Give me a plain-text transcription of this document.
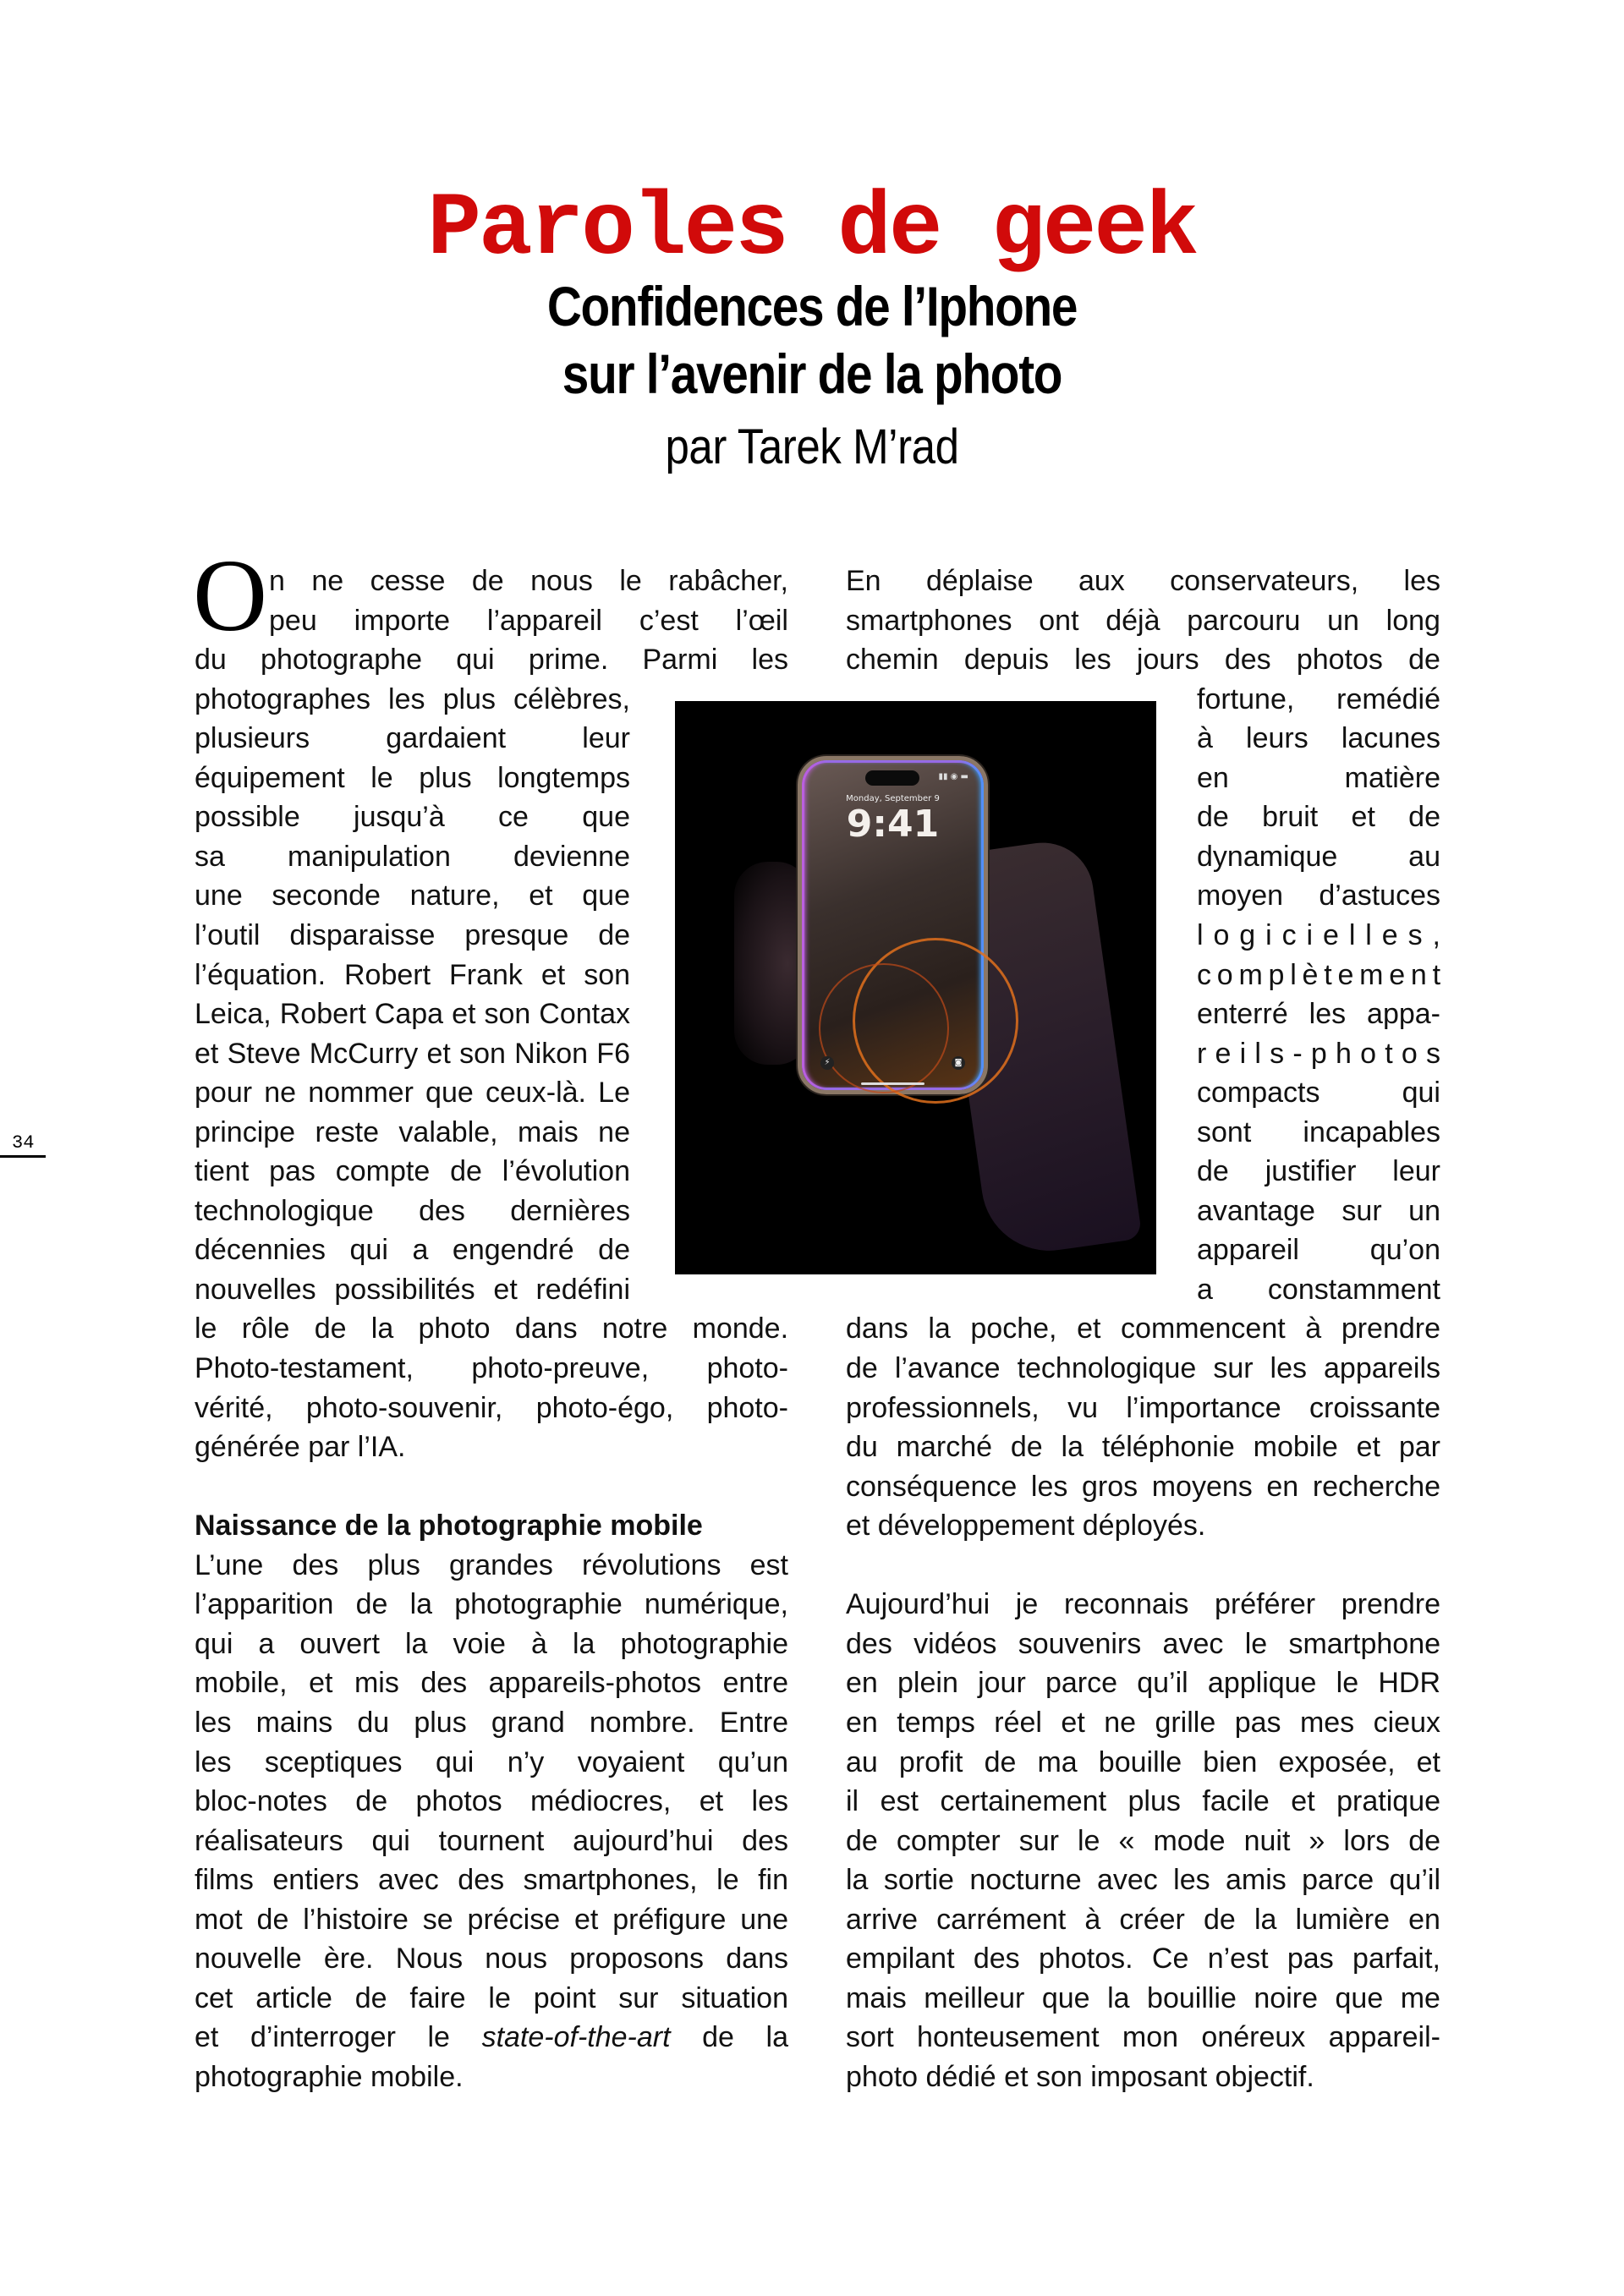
Paroles de geek
Confidences de l’Iphone
sur l’avenir de la photo
par Tarek M’rad
34
O
▮▮ ◉ ▬
Monday, September 9
9:41
⚡	◙
n ne cesse de nous le rabâcher,
peu importe l’appareil c’est l’œil
du photographe qui prime. Parmi les
photographes les plus célèbres,
plusieurs gardaient leur
équipement le plus longtemps
possible jusqu’à ce que
sa manipulation devienne
une seconde nature, et que
l’outil disparaisse presque de
l’équation. Robert Frank et son
Leica, Robert Capa et son Contax
et Steve McCurry et son Nikon F6
pour ne nommer que ceux-là. Le
principe reste valable, mais ne
tient pas compte de l’évolution
technologique des dernières
décennies qui a engendré de
nouvelles possibilités et redéfini
le rôle de la photo dans notre monde.
Photo-testament, photo-preuve, photo-
vérité, photo-souvenir, photo-égo, photo-
générée par l’IA.
Naissance de la photographie mobile
L’une des plus grandes révolutions est
l’apparition de la photographie numérique,
qui a ouvert la voie à la photographie
mobile, et mis des appareils-photos entre
les mains du plus grand nombre. Entre
les sceptiques qui n’y voyaient qu’un
bloc-notes de photos médiocres, et les
réalisateurs qui tournent aujourd’hui des
films entiers avec des smartphones, le fin
mot de l’histoire se précise et préfigure une
nouvelle ère. Nous nous proposons dans
cet article de faire le point sur situation
et d’interroger le state-of-the-art de la
photographie mobile.
En déplaise aux conservateurs, les
smartphones ont déjà parcouru un long
chemin depuis les jours des photos de
fortune, remédié
à leurs lacunes
en matière
de bruit et de
dynamique au
moyen d’astuces
logicielles,
complètement
enterré les appa-
reils-photos
compacts qui
sont incapables
de justifier leur
avantage sur un
appareil qu’on
a constamment
dans la poche, et commencent à prendre
de l’avance technologique sur les appareils
professionnels, vu l’importance croissante
du marché de la téléphonie mobile et par
conséquence les gros moyens en recherche
et développement déployés.
Aujourd’hui je reconnais préférer prendre
des vidéos souvenirs avec le smartphone
en plein jour parce qu’il applique le HDR
en temps réel et ne grille pas mes cieux
au profit de ma bouille bien exposée, et
il est certainement plus facile et pratique
de compter sur le « mode nuit » lors de
la sortie nocturne avec les amis parce qu’il
arrive carrément à créer de la lumière en
empilant des photos. Ce n’est pas parfait,
mais meilleur que la bouillie noire que me
sort honteusement mon onéreux appareil-
photo dédié et son imposant objectif.
